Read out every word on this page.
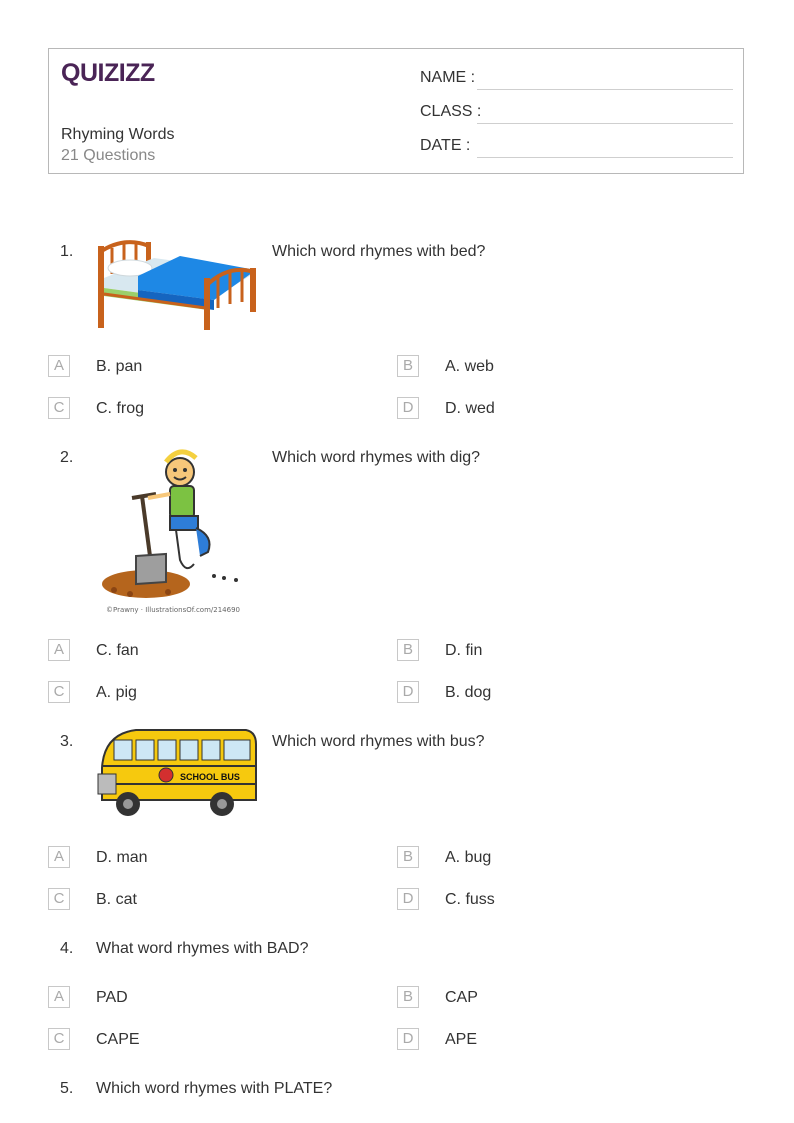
QUIZIZZ
Rhyming Words
21 Questions
NAME :
CLASS :
DATE :
1.	Which word rhymes with bed?
A	B. pan	B	A. web
C	C. frog	D	D. wed
2.
©Prawny · IllustrationsOf.com/214690
Which word rhymes with dig?
A	C. fan	B	D. fin
C	A. pig	D	B. dog
3.
SCHOOL BUS
Which word rhymes with bus?
A	D. man	B	A. bug
C	B. cat	D	C. fuss
4. What word rhymes with BAD?
A	PAD	B	CAP
C	CAPE	D	APE
5. Which word rhymes with PLATE?
